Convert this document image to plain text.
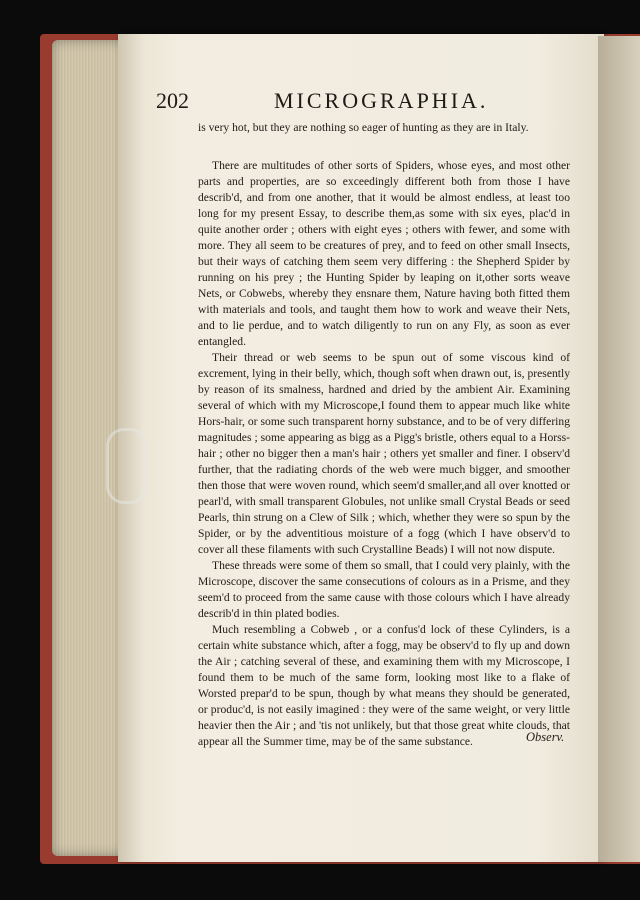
202	MICROGRAPHIA.

is very hot, but they are nothing so eager of hunting as they are in Italy.

There are multitudes of other sorts of Spiders, whose eyes, and most other parts and properties, are so exceedingly different both from those I have describ'd, and from one another, that it would be almost endless, at least too long for my present Essay, to describe them,as some with six eyes, plac'd in quite another order ; others with eight eyes ; others with fewer, and some with more. They all seem to be creatures of prey, and to feed on other small Insects, but their ways of catching them seem very differing : the Shepherd Spider by running on his prey ; the Hunting Spider by leaping on it,other sorts weave Nets, or Cobwebs, whereby they ensnare them, Nature having both fitted them with materials and tools, and taught them how to work and weave their Nets, and to lie perdue, and to watch diligently to run on any Fly, as soon as ever entangled.

Their thread or web seems to be spun out of some viscous kind of excrement, lying in their belly, which, though soft when drawn out, is, presently by reason of its smalness, hardned and dried by the ambient Air. Examining several of which with my Microscope,I found them to appear much like white Hors-hair, or some such transparent horny substance, and to be of very differing magnitudes ; some appearing as bigg as a Pigg's bristle, others equal to a Horss-hair ; other no bigger then a man's hair ; others yet smaller and finer. I observ'd further, that the radiating chords of the web were much bigger, and smoother then those that were woven round, which seem'd smaller,and all over knotted or pearl'd, with small transparent Globules, not unlike small Crystal Beads or seed Pearls, thin strung on a Clew of Silk ; which, whether they were so spun by the Spider, or by the adventitious moisture of a fogg (which I have observ'd to cover all these filaments with such Crystalline Beads) I will not now dispute.

These threads were some of them so small, that I could very plainly, with the Microscope, discover the same consecutions of colours as in a Prisme, and they seem'd to proceed from the same cause with those colours which I have already describ'd in thin plated bodies.

Much resembling a Cobweb , or a confus'd lock of these Cylinders, is a certain white substance which, after a fogg, may be observ'd to fly up and down the Air ; catching several of these, and examining them with my Microscope, I found them to be much of the same form, looking most like to a flake of Worsted prepar'd to be spun, though by what means they should be generated, or produc'd, is not easily imagined : they were of the same weight, or very little heavier then the Air ; and 'tis not unlikely, but that those great white clouds, that appear all the Summer time, may be of the same substance.	Observ.
